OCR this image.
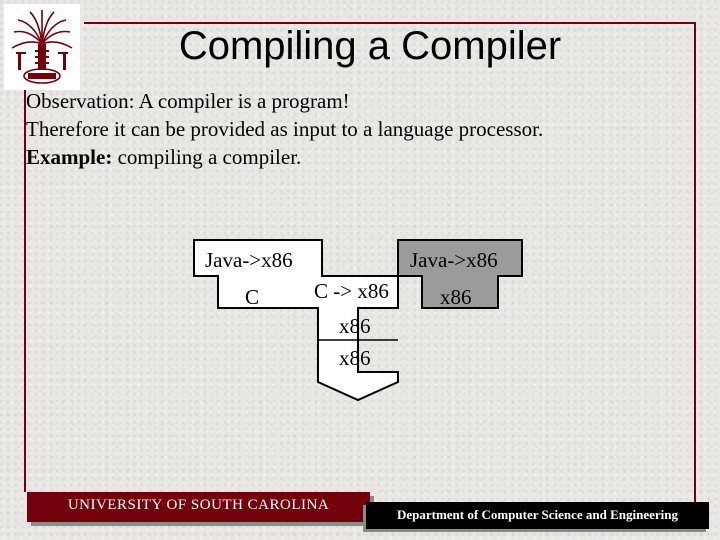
Compiling a Compiler
Observation: A compiler is a program!
Therefore it can be provided as input to a language processor.
Example: compiling a compiler.
Java->x86
C	C -> x86
x86
x86
Java->x86
x86
UNIVERSITY OF SOUTH CAROLINA
Department of Computer Science and Engineering
